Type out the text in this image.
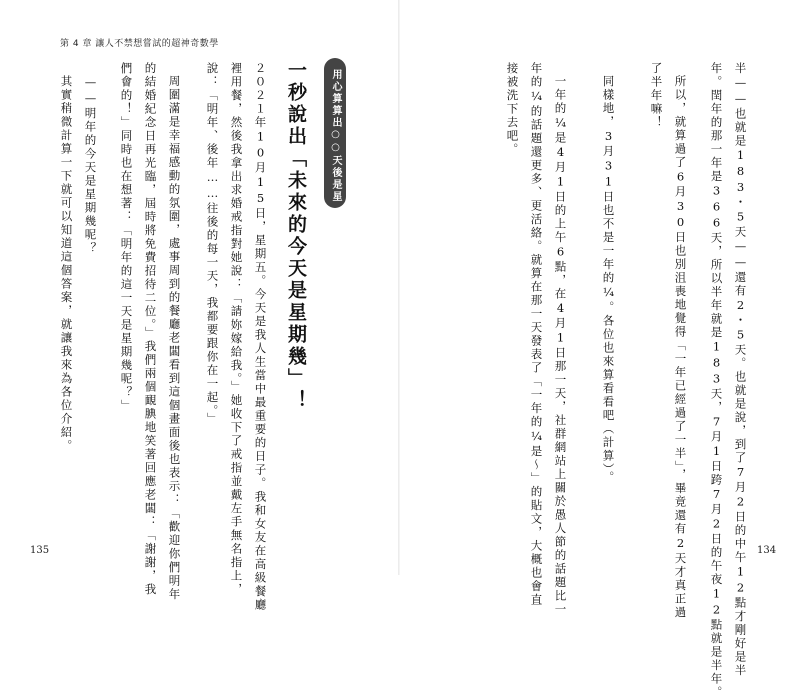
第 4 章 讓人不禁想嘗試的超神奇數學
用心算算出○○天後是星期幾
一秒說出「未來的今天是星期幾」！
２０２１年10月15日，星期五。今天是我人生當中最重要的日子。我和女友在高級餐廳
裡用餐，然後我拿出求婚戒指對她說：「請妳嫁給我。」她收下了戒指並戴左手無名指上，
說：「明年、後年……往後的每一天，我都要跟你在一起。」
周圍滿是幸福感動的氛圍，處事周到的餐廳老闆看到這個畫面後也表示：「歡迎你們明年
的結婚紀念日再光臨，屆時將免費招待二位。」我們兩個靦腆地笑著回應老闆：「謝謝，我
們會的！」同時也在想著：「明年的這一天是星期幾呢？」
——明年的今天是星期幾呢？
其實稍微計算一下就可以知道這個答案，就讓我來為各位介紹。	半——也就是183・5天——還有2・5天。也就是說，到了7月2日的中午12點才剛好是半
年。閏年的那一年是366天，所以半年就是183天，7月1日跨7月2日的午夜12點就是半年。
所以，就算過了6月30日也別沮喪地覺得「一年已經過了一半」，畢竟還有2天才真正過
了半年嘛！
同樣地，3月31日也不是一年的¼。各位也來算看看吧（計算）。
一年的¼是4月1日的上午6點，在4月1日那一天，社群網站上關於愚人節的話題比一
年的¼的話題還更多、更活絡。就算在那一天發表了「一年的¼是～」的貼文，大概也會直
接被洗下去吧。
135	134
